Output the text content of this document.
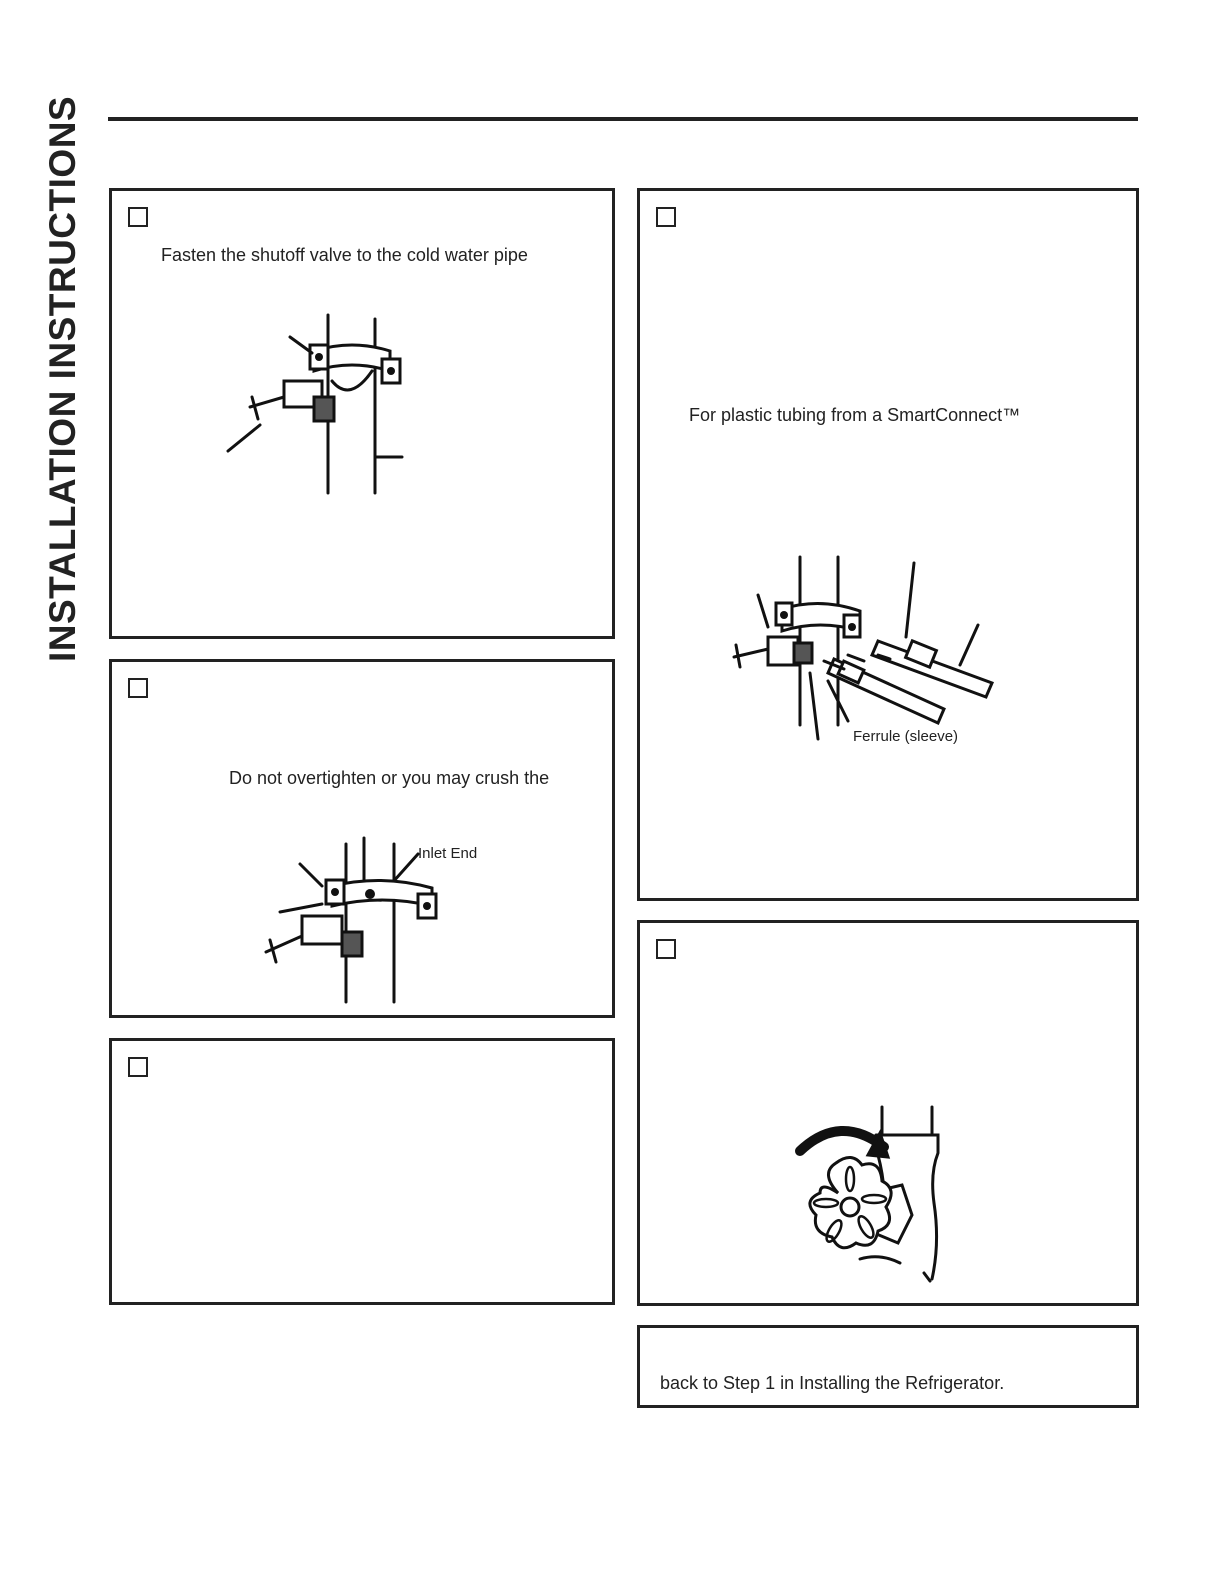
INSTALLATION INSTRUCTIONS	Fasten the shutoff valve to the cold water pipe
Do not overtighten or you may crush the
Inlet End
For plastic tubing from a SmartConnect™
Ferrule (sleeve)
back to Step 1 in Installing the Refrigerator.
